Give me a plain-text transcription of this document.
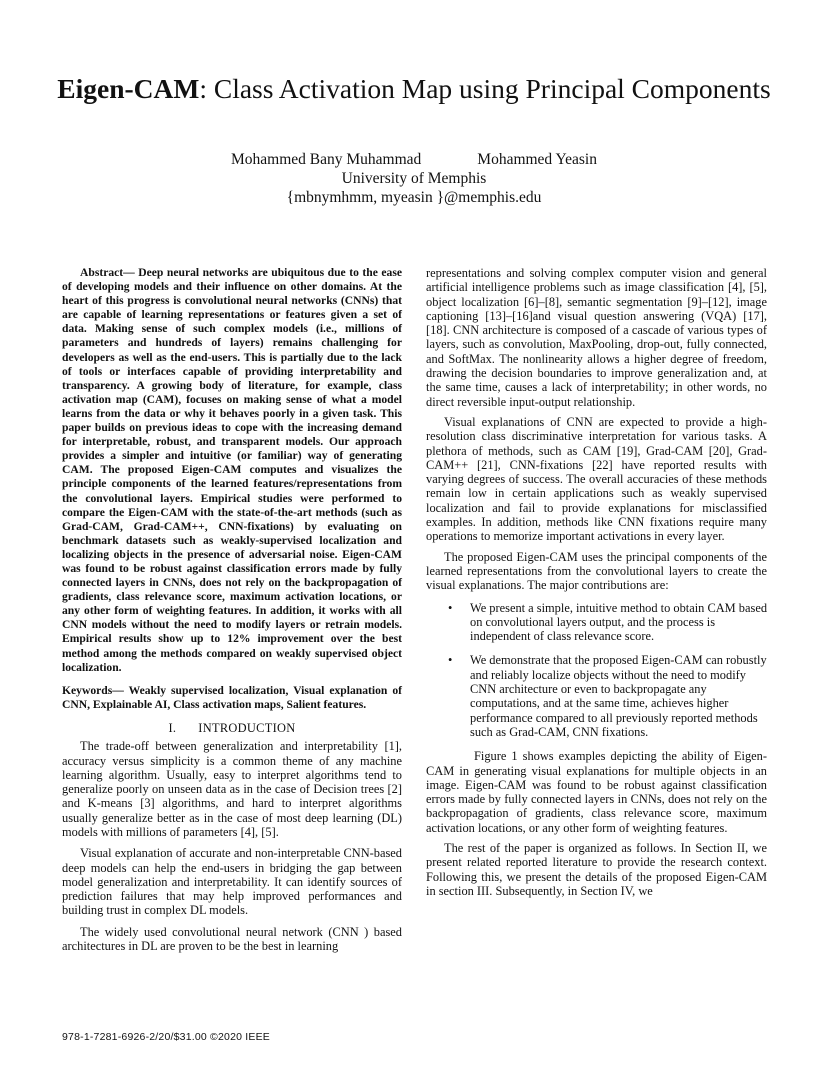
Eigen-CAM: Class Activation Map using Principal Components
Mohammed Bany Muhammad	Mohammed Yeasin
University of Memphis
{mbnymhmm, myeasin }@memphis.edu

Abstract— Deep neural networks are ubiquitous due to the ease of developing models and their influence on other domains. At the heart of this progress is convolutional neural networks (CNNs) that are capable of learning representations or features given a set of data. Making sense of such complex models (i.e., millions of parameters and hundreds of layers) remains challenging for developers as well as the end-users. This is partially due to the lack of tools or interfaces capable of providing interpretability and transparency. A growing body of literature, for example, class activation map (CAM), focuses on making sense of what a model learns from the data or why it behaves poorly in a given task. This paper builds on previous ideas to cope with the increasing demand for interpretable, robust, and transparent models. Our approach provides a simpler and intuitive (or familiar) way of generating CAM. The proposed Eigen-CAM computes and visualizes the principle components of the learned features/representations from the convolutional layers. Empirical studies were performed to compare the Eigen-CAM with the state-of-the-art methods (such as Grad-CAM, Grad-CAM++, CNN-fixations) by evaluating on benchmark datasets such as weakly-supervised localization and localizing objects in the presence of adversarial noise. Eigen-CAM was found to be robust against classification errors made by fully connected layers in CNNs, does not rely on the backpropagation of gradients, class relevance score, maximum activation locations, or any other form of weighting features. In addition, it works with all CNN models without the need to modify layers or retrain models. Empirical results show up to 12% improvement over the best method among the methods compared on weakly supervised object localization.

Keywords— Weakly supervised localization, Visual explanation of CNN, Explainable AI, Class activation maps, Salient features.

I. INTRODUCTION

The trade-off between generalization and interpretability [1], accuracy versus simplicity is a common theme of any machine learning algorithm. Usually, easy to interpret algorithms tend to generalize poorly on unseen data as in the case of Decision trees [2] and K-means [3] algorithms, and hard to interpret algorithms usually generalize better as in the case of most deep learning (DL) models with millions of parameters [4], [5].

Visual explanation of accurate and non-interpretable CNN-based deep models can help the end-users in bridging the gap between model generalization and interpretability. It can identify sources of prediction failures that may help improved performances and building trust in complex DL models.

The widely used convolutional neural network (CNN ) based architectures in DL are proven to be the best in learning

representations and solving complex computer vision and general artificial intelligence problems such as image classification [4], [5], object localization [6]–[8], semantic segmentation [9]–[12], image captioning [13]–[16]and visual question answering (VQA) [17], [18]. CNN architecture is composed of a cascade of various types of layers, such as convolution, MaxPooling, drop-out, fully connected, and SoftMax. The nonlinearity allows a higher degree of freedom, drawing the decision boundaries to improve generalization and, at the same time, causes a lack of interpretability; in other words, no direct reversible input-output relationship.

Visual explanations of CNN are expected to provide a high-resolution class discriminative interpretation for various tasks. A plethora of methods, such as CAM [19], Grad-CAM [20], Grad-CAM++ [21], CNN-fixations [22] have reported results with varying degrees of success. The overall accuracies of these methods remain low in certain applications such as weakly supervised localization and fail to provide explanations for misclassified examples. In addition, methods like CNN fixations require many operations to memorize important activations in every layer.

The proposed Eigen-CAM uses the principal components of the learned representations from the convolutional layers to create the visual explanations. The major contributions are:

• We present a simple, intuitive method to obtain CAM based on convolutional layers output, and the process is independent of class relevance score.
• We demonstrate that the proposed Eigen-CAM can robustly and reliably localize objects without the need to modify CNN architecture or even to backpropagate any computations, and at the same time, achieves higher performance compared to all previously reported methods such as Grad-CAM, CNN fixations.

Figure 1 shows examples depicting the ability of Eigen-CAM in generating visual explanations for multiple objects in an image. Eigen-CAM was found to be robust against classification errors made by fully connected layers in CNNs, does not rely on the backpropagation of gradients, class relevance score, maximum activation locations, or any other form of weighting features.

The rest of the paper is organized as follows. In Section II, we present related reported literature to provide the research context. Following this, we present the details of the proposed Eigen-CAM in section III. Subsequently, in Section IV, we

978-1-7281-6926-2/20/$31.00 ©2020 IEEE
